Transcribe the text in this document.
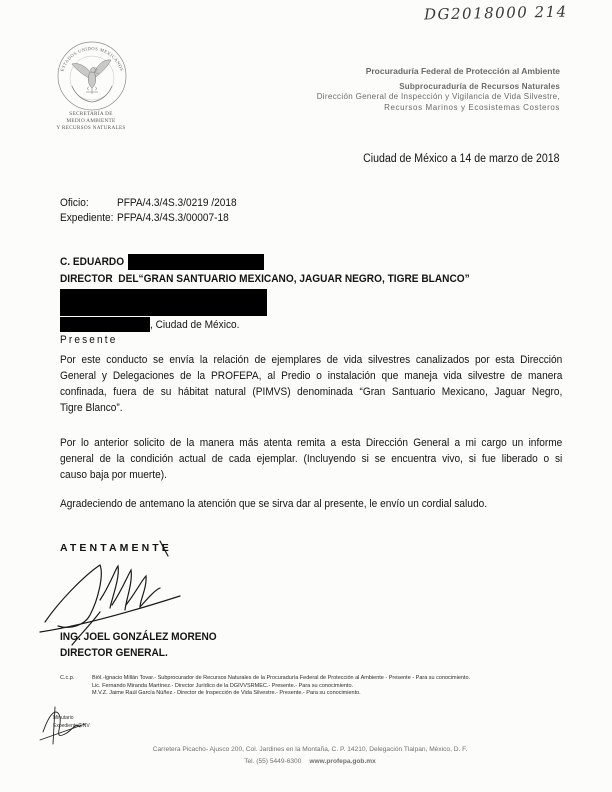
DG2018000 214
ESTADOS UNIDOS MEXICANOS
SECRETARÍA DE
MEDIO AMBIENTE
Y RECURSOS NATURALES
Procuraduría Federal de Protección al Ambiente
Subprocuraduría de Recursos Naturales
Dirección General de Inspección y Vigilancia de Vida Silvestre,
Recursos Marinos y Ecosistemas Costeros
Ciudad de México a 14 de marzo de 2018
Oficio:	PFPA/4.3/4S.3/0219 /2018
Expediente: PFPA/4.3/4S.3/00007-18
C. EDUARDO
DIRECTOR  DEL“GRAN SANTUARIO MEXICANO, JAGUAR NEGRO, TIGRE BLANCO”
, Ciudad de México.
Presente
Por este conducto se envía la relación de ejemplares de vida silvestres canalizados por esta Dirección
General y Delegaciones de la PROFEPA, al Predio o instalación que maneja vida silvestre de manera
confinada, fuera de su hábitat natural (PIMVS) denominada “Gran Santuario Mexicano, Jaguar Negro,
Tigre Blanco”.
Por lo anterior solicito de la manera más atenta remita a esta Dirección General a mi cargo un informe
general de la condición actual de cada ejemplar. (Incluyendo si se encuentra vivo, si fue liberado o si
causo baja por muerte).
Agradeciendo de antemano la atención que se sirva dar al presente, le envío un cordial saludo.
ATENTAMENTE
ING. JOEL GONZÁLEZ MORENO
DIRECTOR GENERAL.
C.c.p.	Biól.-Ignacio Millán Tovar.- Subprocurador de Recursos Naturales de la Procuraduría Federal de Protección al Ambiente - Presente - Para su conocimiento.
Lic. Fernando Miranda Martínez.- Director Jurídico de la DGIVVSRMEC.- Presente.- Para su conocimiento.
M.V.Z. Jaime Raúl García Núñez.- Director de Inspección de Vida Silvestre.- Presente.- Para su conocimiento.
Minutario
Expediente/ENV
Carretera Picacho- Ajusco 200, Col. Jardines en la Montaña, C. P. 14210, Delegación Tlalpan, México, D. F.
Tel. (55) 5449-6300 www.profepa.gob.mx
